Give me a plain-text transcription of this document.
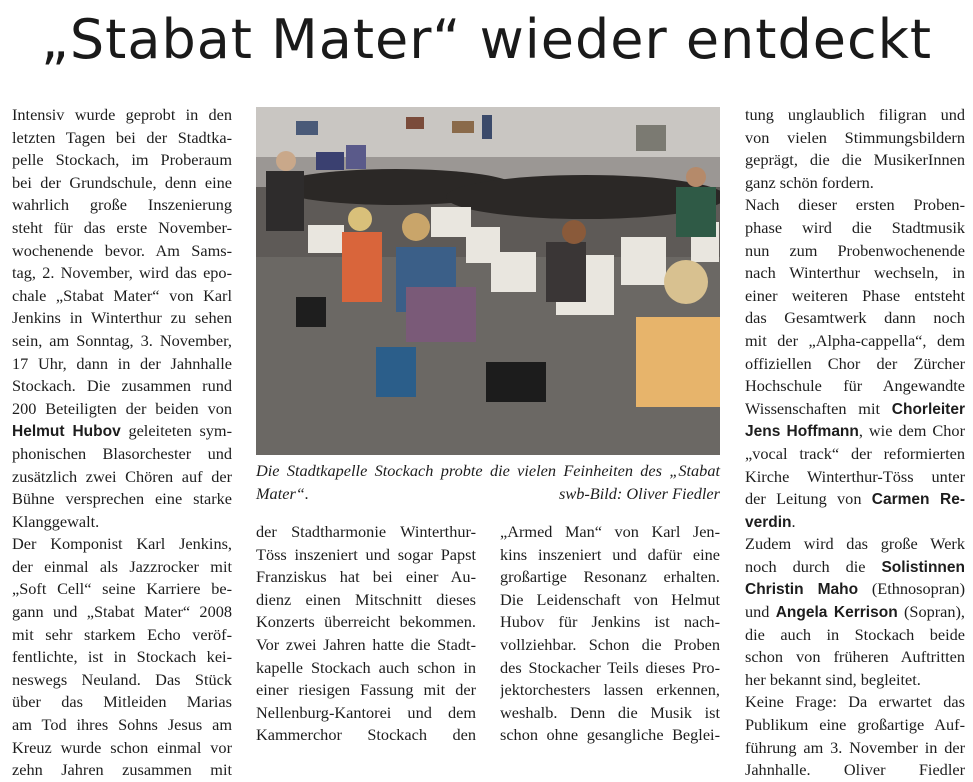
„Stabat Mater“ wieder entdeckt
Intensiv wurde geprobt in den
letzten Tagen bei der Stadtka-
pelle Stockach, im Proberaum
bei der Grundschule, denn eine
wahrlich große Inszenierung
steht für das erste November-
wochenende bevor. Am Sams-
tag, 2. November, wird das epo-
chale „Stabat Mater“ von Karl
Jenkins in Winterthur zu sehen
sein, am Sonntag, 3. November,
17 Uhr, dann in der Jahnhalle
Stockach. Die zusammen rund
200 Beteiligten der beiden von
Helmut Hubov geleiteten sym-
phonischen Blasorchester und
zusätzlich zwei Chören auf der
Bühne versprechen eine starke
Klanggewalt.
Der Komponist Karl Jenkins,
der einmal als Jazzrocker mit
„Soft Cell“ seine Karriere be-
gann und „Stabat Mater“ 2008
mit sehr starkem Echo veröf-
fentlichte, ist in Stockach kei-
neswegs Neuland. Das Stück
über das Mitleiden Marias
am Tod ihres Sohns Jesus am
Kreuz wurde schon einmal vor
zehn Jahren zusammen mit
Die Stadtkapelle Stockach probte die vielen Feinheiten des „Stabat
Mater“.	swb-Bild: Oliver Fiedler
der Stadtharmonie Winterthur-
Töss inszeniert und sogar Papst
Franziskus hat bei einer Au-
dienz einen Mitschnitt dieses
Konzerts überreicht bekommen.
Vor zwei Jahren hatte die Stadt-
kapelle Stockach auch schon in
einer riesigen Fassung mit der
Nellenburg-Kantorei und dem
Kammerchor Stockach den
„Armed Man“ von Karl Jen-
kins inszeniert und dafür eine
großartige Resonanz erhalten.
Die Leidenschaft von Helmut
Hubov für Jenkins ist nach-
vollziehbar. Schon die Proben
des Stockacher Teils dieses Pro-
jektorchesters lassen erkennen,
weshalb. Denn die Musik ist
schon ohne gesangliche Beglei-
tung unglaublich filigran und
von vielen Stimmungsbildern
geprägt, die die MusikerInnen
ganz schön fordern.
Nach dieser ersten Proben-
phase wird die Stadtmusik
nun zum Probenwochenende
nach Winterthur wechseln, in
einer weiteren Phase entsteht
das Gesamtwerk dann noch
mit der „Alpha-cappella“, dem
offiziellen Chor der Zürcher
Hochschule für Angewandte
Wissenschaften mit Chorleiter
Jens Hoffmann, wie dem Chor
„vocal track“ der reformierten
Kirche Winterthur-Töss unter
der Leitung von Carmen Re-
verdin.
Zudem wird das große Werk
noch durch die Solistinnen
Christin Maho (Ethnosopran)
und Angela Kerrison (Sopran),
die auch in Stockach beide
schon von früheren Auftritten
her bekannt sind, begleitet.
Keine Frage: Da erwartet das
Publikum eine großartige Auf-
führung am 3. November in der
Jahnhalle. Oliver Fiedler
